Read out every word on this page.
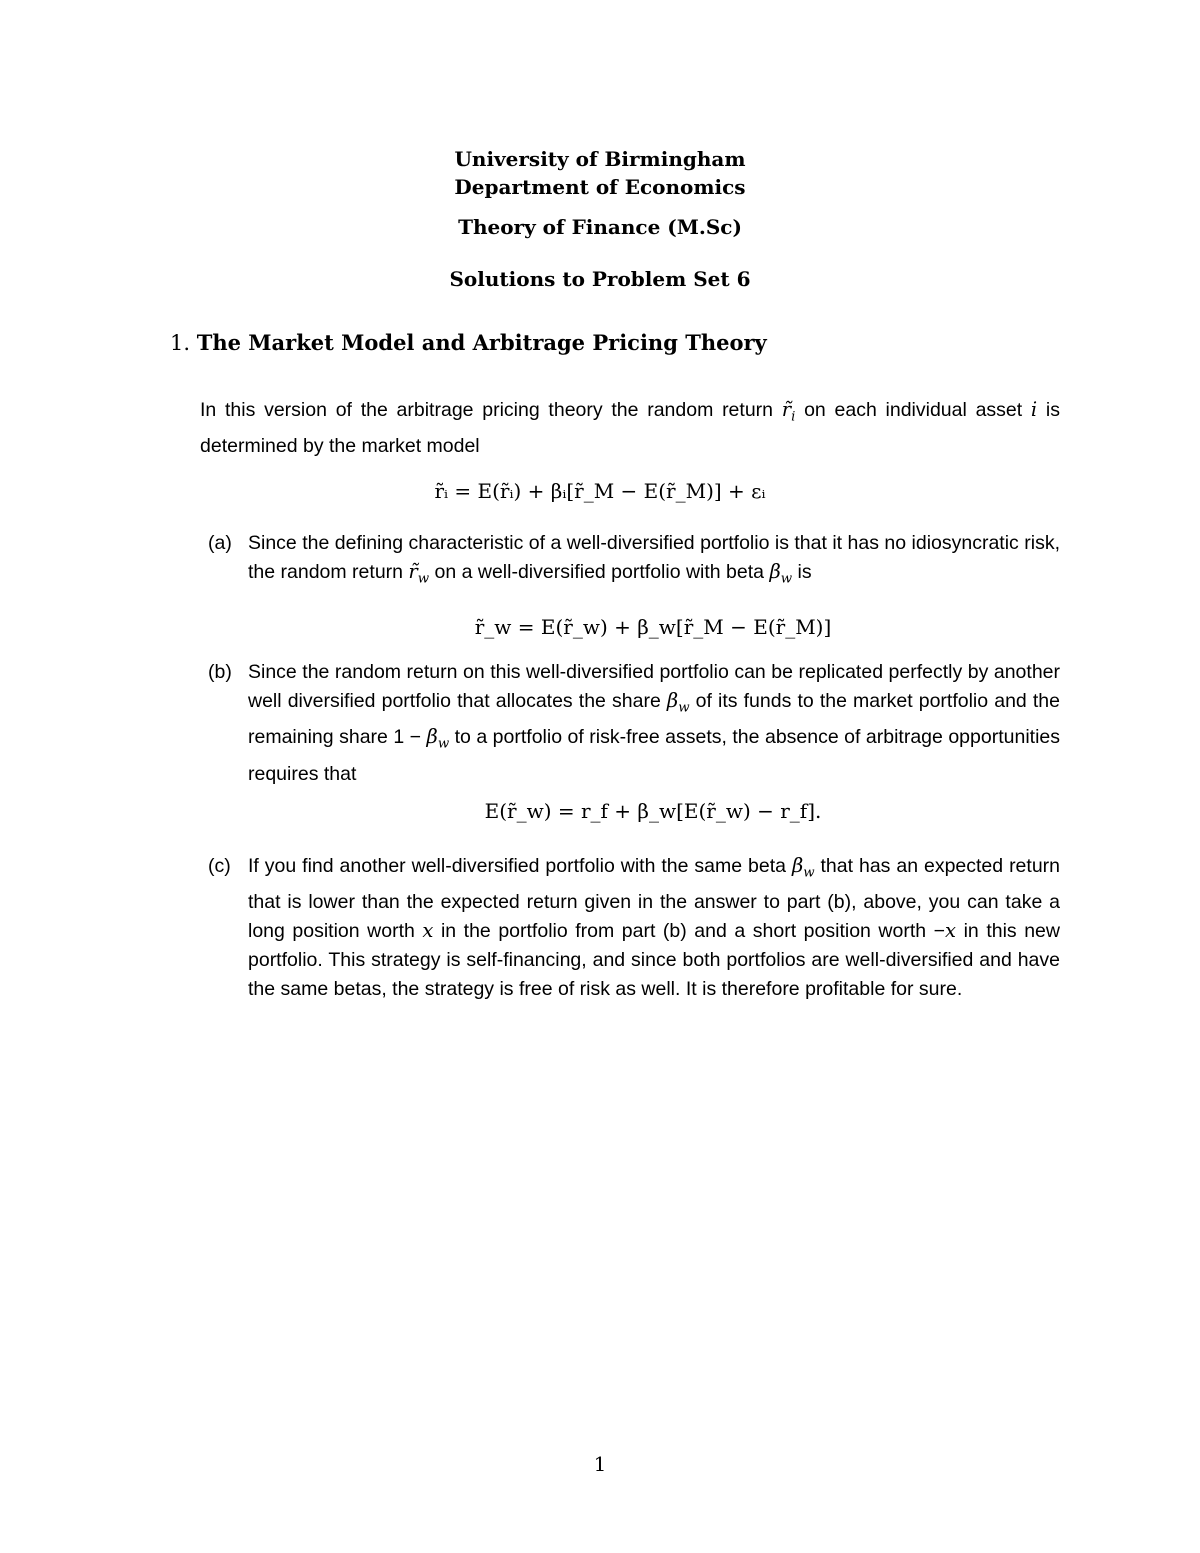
University of Birmingham
Department of Economics
Theory of Finance (M.Sc)
Solutions to Problem Set 6
1. The Market Model and Arbitrage Pricing Theory
In this version of the arbitrage pricing theory the random return $r̃_i$ on each individual asset i is determined by the market model
r̃ᵢ = E(r̃ᵢ) + βᵢ[r̃_M − E(r̃_M)] + εᵢ
(a) Since the defining characteristic of a well-diversified portfolio is that it has no idiosyncratic risk, the random return $r̃_w$ on a well-diversified portfolio with beta $\beta_w$ is
r̃_w = E(r̃_w) + β_w[r̃_M − E(r̃_M)]
(b) Since the random return on this well-diversified portfolio can be replicated perfectly by another well diversified portfolio that allocates the share $\beta_w$ of its funds to the market portfolio and the remaining share $1 - \beta_w$ to a portfolio of risk-free assets, the absence of arbitrage opportunities requires that
E(r̃_w) = r_f + β_w[E(r̃_w) − r_f].
(c) If you find another well-diversified portfolio with the same beta $\beta_w$ that has an expected return that is lower than the expected return given in the answer to part (b), above, you can take a long position worth x in the portfolio from part (b) and a short position worth −x in this new portfolio. This strategy is self-financing, and since both portfolios are well-diversified and have the same betas, the strategy is free of risk as well. It is therefore profitable for sure.
1
